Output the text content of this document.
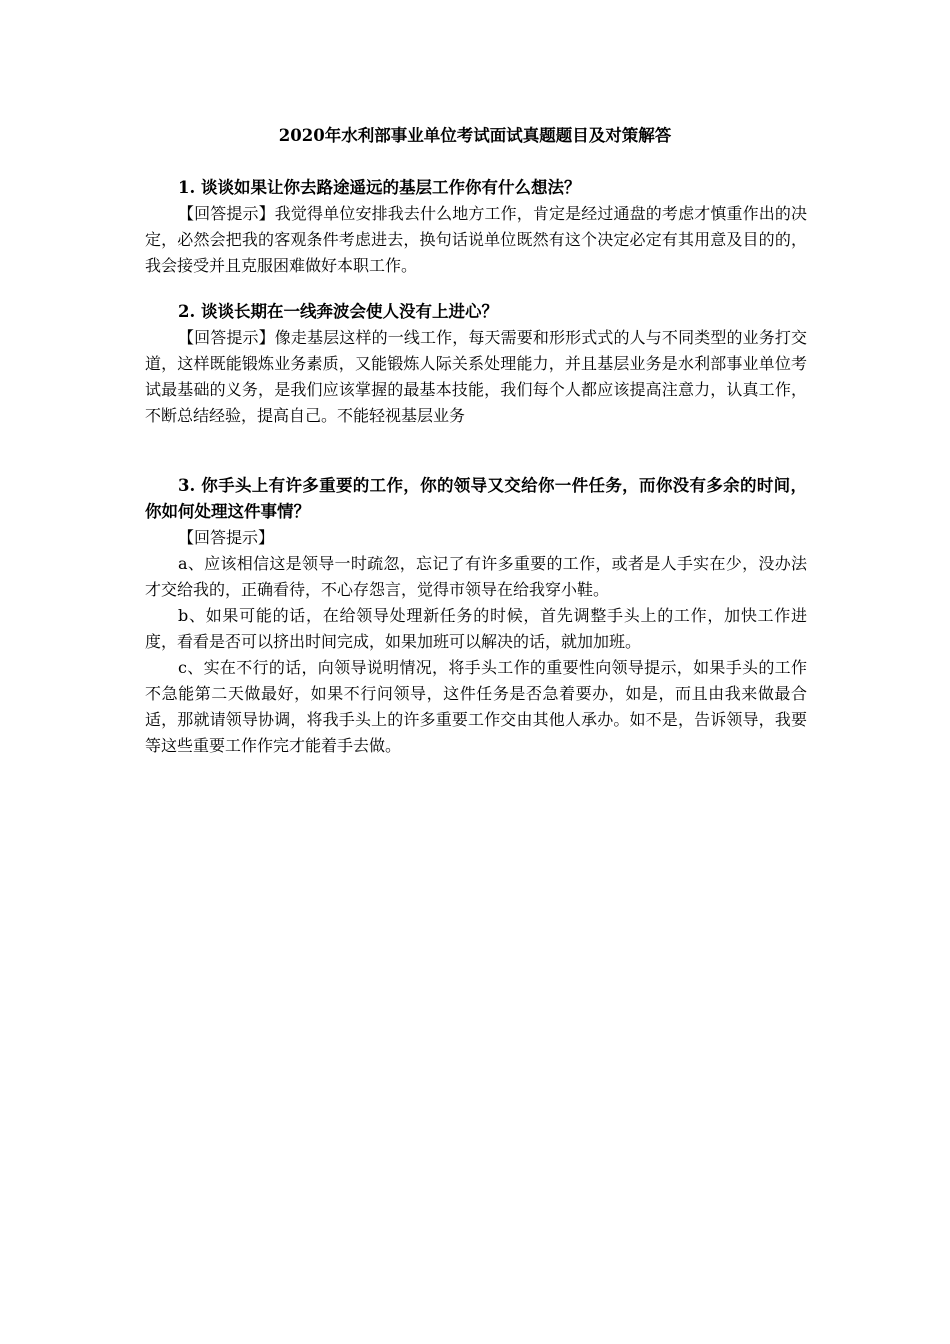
2020年水利部事业单位考试面试真题题目及对策解答

1. 谈谈如果让你去路途遥远的基层工作你有什么想法？

【回答提示】我觉得单位安排我去什么地方工作，肯定是经过通盘的考虑才慎重作出的决定，必然会把我的客观条件考虑进去，换句话说单位既然有这个决定必定有其用意及目的的，我会接受并且克服困难做好本职工作。

2. 谈谈长期在一线奔波会使人没有上进心？

【回答提示】像走基层这样的一线工作，每天需要和形形式式的人与不同类型的业务打交道，这样既能锻炼业务素质，又能锻炼人际关系处理能力，并且基层业务是水利部事业单位考试最基础的义务，是我们应该掌握的最基本技能，我们每个人都应该提高注意力，认真工作，不断总结经验，提高自己。不能轻视基层业务

3. 你手头上有许多重要的工作，你的领导又交给你一件任务，而你没有多余的时间，你如何处理这件事情？

【回答提示】

a、应该相信这是领导一时疏忽，忘记了有许多重要的工作，或者是人手实在少，没办法才交给我的，正确看待，不心存怨言，觉得市领导在给我穿小鞋。

b、如果可能的话，在给领导处理新任务的时候，首先调整手头上的工作，加快工作进度，看看是否可以挤出时间完成，如果加班可以解决的话，就加加班。

c、实在不行的话，向领导说明情况，将手头工作的重要性向领导提示，如果手头的工作不急能第二天做最好，如果不行问领导，这件任务是否急着要办，如是，而且由我来做最合适，那就请领导协调，将我手头上的许多重要工作交由其他人承办。如不是，告诉领导，我要等这些重要工作作完才能着手去做。
